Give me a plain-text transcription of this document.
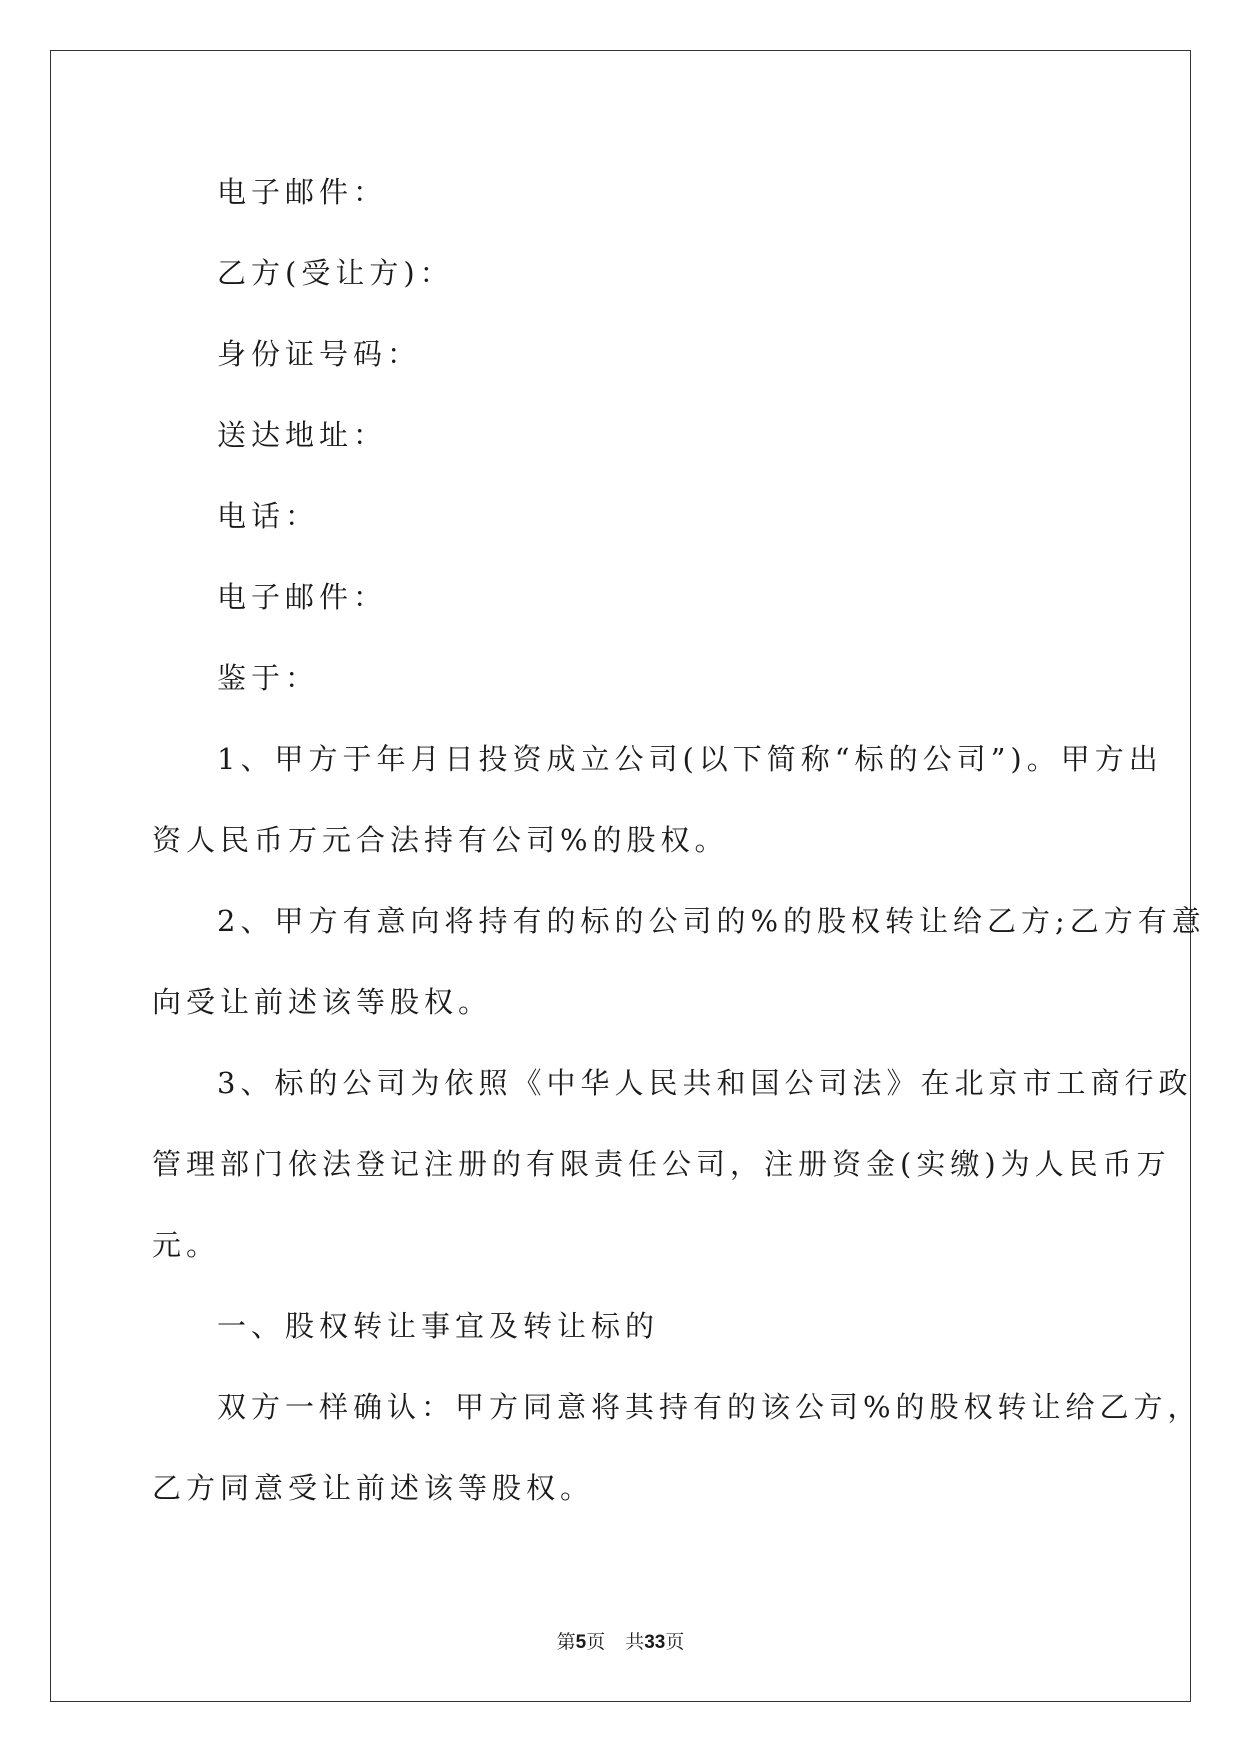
电子邮件：
乙方(受让方)：
身份证号码：
送达地址：
电话：
电子邮件：
鉴于：
1、甲方于年月日投资成立公司(以下简称“标的公司”)。甲方出
资人民币万元合法持有公司%的股权。
2、甲方有意向将持有的标的公司的%的股权转让给乙方;乙方有意
向受让前述该等股权。
3、标的公司为依照《中华人民共和国公司法》在北京市工商行政
管理部门依法登记注册的有限责任公司，注册资金(实缴)为人民币万
元。
一、股权转让事宜及转让标的
双方一样确认：甲方同意将其持有的该公司%的股权转让给乙方，
乙方同意受让前述该等股权。
第5页 共33页
